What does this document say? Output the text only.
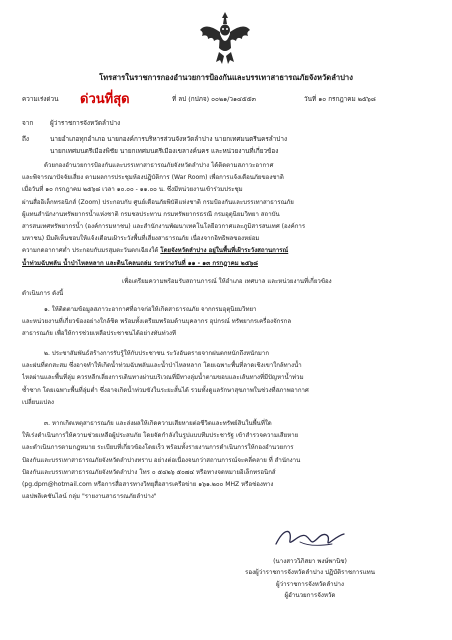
โทรสารในราชการกองอำนวยการป้องกันและบรรเทาสาธารณภัยจังหวัดลำปาง
ความเร่งด่วน ด่วนที่สุด	ที่ ลป (กปภจ) ๐๐๒๑/ว๑๔๕๕๓	วันที่ ๑๐ กรกฎาคม ๒๕๖๘
จาก	ผู้ว่าราชการจังหวัดลำปาง
ถึง	นายอำเภอทุกอำเภอ นายกองค์การบริหารส่วนจังหวัดลำปาง นายกเทศมนตรีนครลำปาง
นายกเทศมนตรีเมืองพิชัย นายกเทศมนตรีเมืองเขลางค์นคร และหน่วยงานที่เกี่ยวข้อง
ด้วยกองอำนวยการป้องกันและบรรเทาสาธารณภัยจังหวัดลำปาง ได้ติดตามสภาวะอากาศ
และพิจารณาปัจจัยเสี่ยง ตามผลการประชุมห้องปฏิบัติการ (War Room) เพื่อการแจ้งเตือนภัยของชาติ
เมื่อวันที่ ๑๐ กรกฎาคม ๒๕๖๘ เวลา ๑๐.๐๐ - ๑๑.๐๐ น. ซึ่งมีหน่วยงานเข้าร่วมประชุม
ผ่านสื่ออิเล็กทรอนิกส์ (Zoom) ประกอบกับ ศูนย์เตือนภัยพิบัติแห่งชาติ กรมป้องกันและบรรเทาสาธารณภัย
ผู้แทนสำนักงานทรัพยากรน้ำแห่งชาติ กรมชลประทาน กรมทรัพยากรธรณี กรมอุตุนิยมวิทยา สถาบัน
สารสนเทศทรัพยากรน้ำ (องค์การมหาชน) และสำนักงานพัฒนาเทคโนโลยีอวกาศและภูมิสารสนเทศ (องค์การ
มหาชน) มีมติเห็นชอบให้แจ้งเตือนเฝ้าระวังพื้นที่เสี่ยงสาธารณภัย เนื่องจากอิทธิพลของหย่อม
ความกดอากาศต่ำ ประกอบกับมรสุมตะวันตกเฉียงใต้ โดยจังหวัดลำปาง อยู่ในพื้นที่เฝ้าระวังสถานการณ์
น้ำท่วมฉับพลัน น้ำป่าไหลหลาก และดินโคลนถล่ม ระหว่างวันที่ ๑๑ - ๑๓ กรกฎาคม ๒๕๖๘
เพื่อเตรียมความพร้อมรับสถานการณ์ ให้อำเภอ เทศบาล และหน่วยงานที่เกี่ยวข้อง
ดำเนินการ ดังนี้
๑. ให้ติดตามข้อมูลสภาวะอากาศที่อาจก่อให้เกิดสาธารณภัย จากกรมอุตุนิยมวิทยา
และหน่วยงานที่เกี่ยวข้องอย่างใกล้ชิด พร้อมทั้งเตรียมพร้อมด้านบุคลากร อุปกรณ์ ทรัพยากรเครื่องจักรกล
สาธารณภัย เพื่อให้การช่วยเหลือประชาชนได้อย่างทันท่วงที
๒. ประชาสัมพันธ์สร้างการรับรู้ให้กับประชาชน ระวังอันตรายจากฝนตกหนักถึงหนักมาก
และฝนที่ตกสะสม ซึ่งอาจทำให้เกิดน้ำท่วมฉับพลันและน้ำป่าไหลหลาก โดยเฉพาะพื้นที่ลาดเชิงเขาใกล้ทางน้ำ
ไหลผ่านและพื้นที่ลุ่ม ควรหลีกเลี่ยงการเดินทางผ่านบริเวณที่มีทางลุ่มน้ำตามขอบและเส้นทางที่มีปัญหาน้ำท่วม
ซ้ำซาก โดยเฉพาะพื้นที่ลุ่มต่ำ ซึ่งอาจเกิดน้ำท่วมขังในระยะสั้นได้ รวมทั้งดูแลรักษาสุขภาพในช่วงที่สภาพอากาศ
เปลี่ยนแปลง
๓. หากเกิดเหตุสาธารณภัย และส่งผลให้เกิดความเสียหายต่อชีวิตและทรัพย์สินในพื้นที่ใด
ให้เร่งดำเนินการให้ความช่วยเหลือผู้ประสบภัย โดยจัดกำลังในรูปแบบทีมประชารัฐ เข้าสำรวจความเสียหาย
และดำเนินการตามกฎหมาย ระเบียบที่เกี่ยวข้องโดยเร็ว พร้อมทั้งรายงานการดำเนินการให้กองอำนวยการ
ป้องกันและบรรเทาสาธารณภัยจังหวัดลำปางทราบ อย่างต่อเนื่องจนกว่าสถานการณ์จะคลี่คลาย ที่ สำนักงาน
ป้องกันและบรรเทาสาธารณภัยจังหวัดลำปาง โทร ๐ ๕๔๒๖ ๕๐๗๔ หรือทางจดหมายอิเล็กทรอนิกส์
(pg.dpm@hotmail.com หรือการสื่อสารทางวิทยุสื่อสารเครือข่าย ๑๖๑.๒๐๐ MHZ หรือช่องทาง
แอปพลิเคชันไลน์ กลุ่ม "รายงานสาธารณภัยลำปาง"
(นางสาววิภิสยา พงษ์พานิช)
รองผู้ว่าราชการจังหวัดลำปาง ปฏิบัติราชการแทน
ผู้ว่าราชการจังหวัดลำปาง
ผู้อำนวยการจังหวัด
